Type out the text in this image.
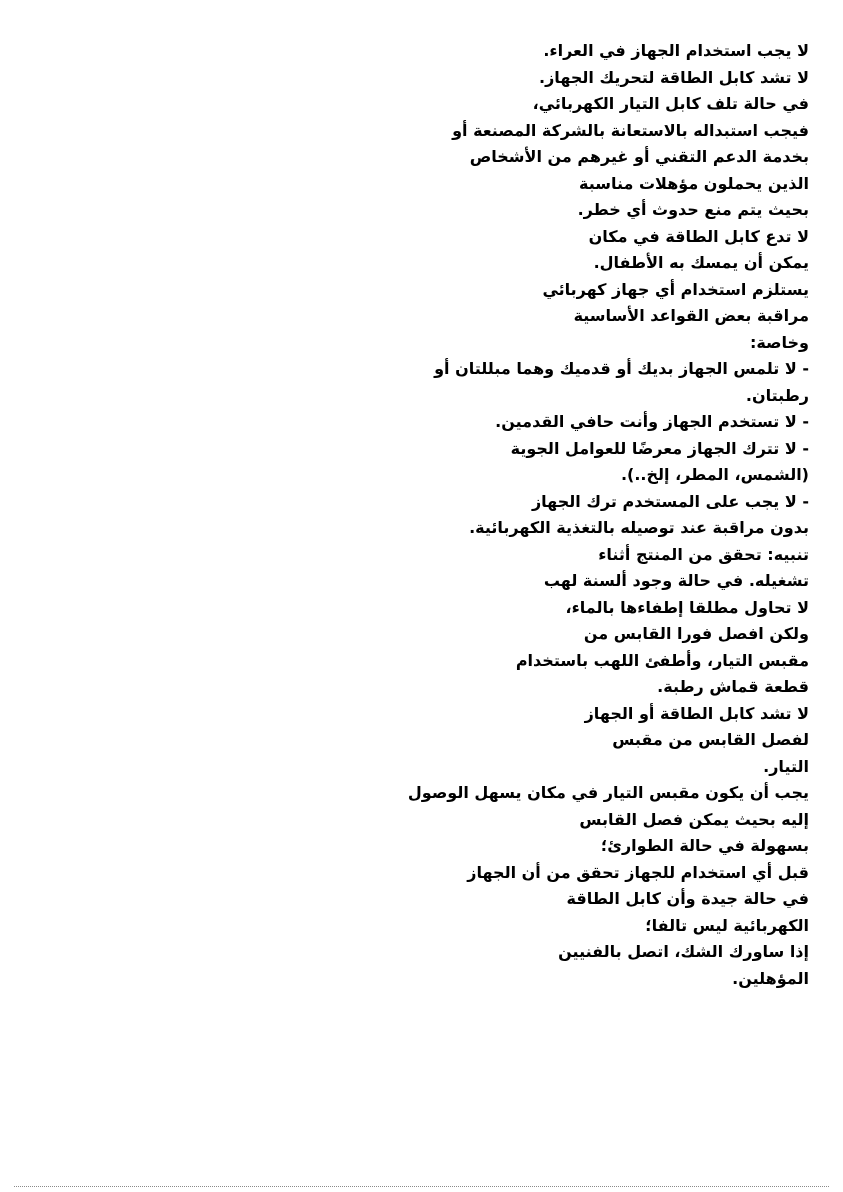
لا يجب استخدام الجهاز في العراء.
لا تشد كابل الطاقة لتحريك الجهاز.
في حالة تلف كابل التيار الكهربائي،
فيجب استبداله بالاستعانة بالشركة المصنعة أو
بخدمة الدعم التقني أو غيرهم من الأشخاص
الذين يحملون مؤهلات مناسبة
بحيث يتم منع حدوث أي خطر.
لا تدع كابل الطاقة في مكان
يمكن أن يمسك به الأطفال.
يستلزم استخدام أي جهاز كهربائي
مراقبة بعض القواعد الأساسية
وخاصة:
- لا تلمس الجهاز بديك أو قدميك وهما مبللتان أو
رطبتان.
- لا تستخدم الجهاز وأنت حافي القدمين.
- لا تترك الجهاز معرضًا للعوامل الجوية
(الشمس، المطر، إلخ..).
- لا يجب على المستخدم ترك الجهاز
بدون مراقبة عند توصيله بالتغذية الكهربائية.
تنبيه: تحقق من المنتج أثناء
تشغيله. في حالة وجود ألسنة لهب
لا تحاول مطلقا إطفاءها بالماء،
ولكن افصل فورا القابس من
مقبس التيار، وأطفئ اللهب باستخدام
قطعة قماش رطبة.
لا تشد كابل الطاقة أو الجهاز
لفصل القابس من مقبس
التيار.
يجب أن يكون مقبس التيار في مكان يسهل الوصول
إليه بحيث يمكن فصل القابس
بسهولة في حالة الطوارئ؛
قبل أي استخدام للجهاز تحقق من أن الجهاز
في حالة جيدة وأن كابل الطاقة
الكهربائية ليس تالفا؛
إذا ساورك الشك، اتصل بالفنيين
المؤهلين.
